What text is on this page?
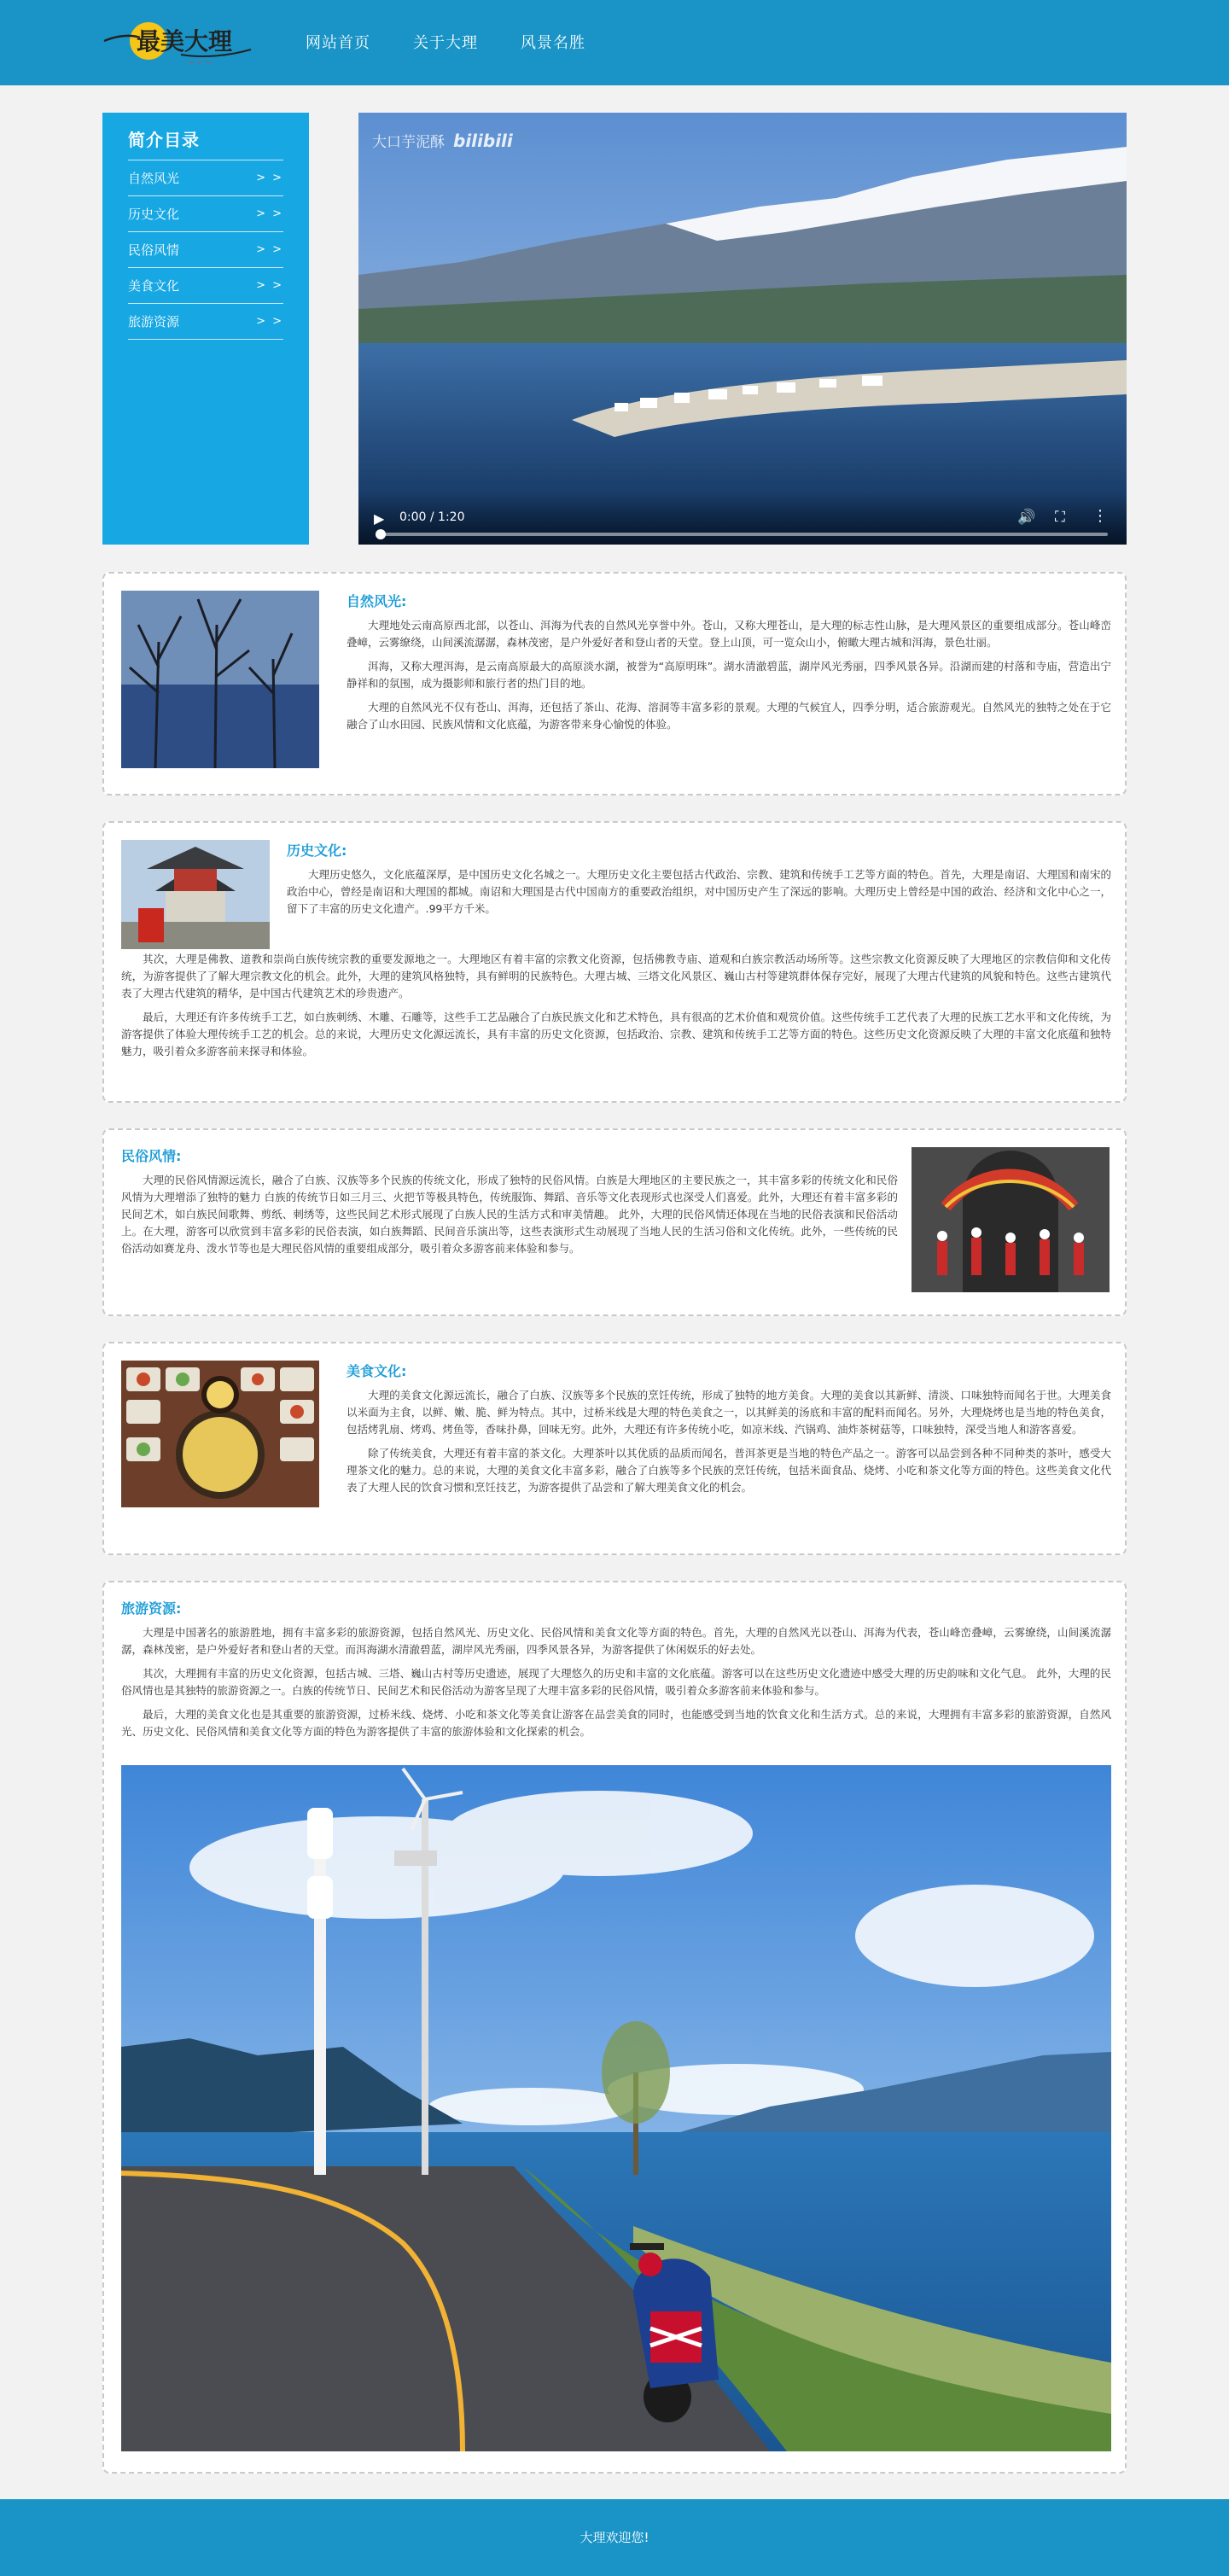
最美大理
~ ~ ~
网站首页	关于大理	风景名胜
简介目录
自然风光	> >
历史文化	> >
民俗风情	> >
美食文化	> >
旅游资源	> >
大口芋泥酥 bilibili
▶ 0:00 / 1:20	🔊 ⛶ ⋮
自然风光:

大理地处云南高原西北部，以苍山、洱海为代表的自然风光享誉中外。苍山，又称大理苍山，是大理的标志性山脉，是大理风景区的重要组成部分。苍山峰峦叠嶂，云雾缭绕，山间溪流潺潺，森林茂密，是户外爱好者和登山者的天堂。登上山顶，可一览众山小，俯瞰大理古城和洱海，景色壮丽。

洱海，又称大理洱海，是云南高原最大的高原淡水湖，被誉为“高原明珠”。湖水清澈碧蓝，湖岸风光秀丽，四季风景各异。沿湖而建的村落和寺庙，营造出宁静祥和的氛围，成为摄影师和旅行者的热门目的地。

大理的自然风光不仅有苍山、洱海，还包括了茶山、花海、溶洞等丰富多彩的景观。大理的气候宜人，四季分明，适合旅游观光。自然风光的独特之处在于它融合了山水田园、民族风情和文化底蕴，为游客带来身心愉悦的体验。

历史文化:

大理历史悠久，文化底蕴深厚，是中国历史文化名城之一。大理历史文化主要包括古代政治、宗教、建筑和传统手工艺等方面的特色。首先，大理是南诏、大理国和南宋的政治中心，曾经是南诏和大理国的都城。南诏和大理国是古代中国南方的重要政治组织，对中国历史产生了深远的影响。大理历史上曾经是中国的政治、经济和文化中心之一，留下了丰富的历史文化遗产。.99平方千米。

其次，大理是佛教、道教和崇尚白族传统宗教的重要发源地之一。大理地区有着丰富的宗教文化资源，包括佛教寺庙、道观和白族宗教活动场所等。这些宗教文化资源反映了大理地区的宗教信仰和文化传统，为游客提供了了解大理宗教文化的机会。此外，大理的建筑风格独特，具有鲜明的民族特色。大理古城、三塔文化风景区、巍山古村等建筑群体保存完好，展现了大理古代建筑的风貌和特色。这些古建筑代表了大理古代建筑的精华，是中国古代建筑艺术的珍贵遗产。

最后，大理还有许多传统手工艺，如白族刺绣、木雕、石雕等，这些手工艺品融合了白族民族文化和艺术特色，具有很高的艺术价值和观赏价值。这些传统手工艺代表了大理的民族工艺水平和文化传统，为游客提供了体验大理传统手工艺的机会。总的来说，大理历史文化源远流长，具有丰富的历史文化资源，包括政治、宗教、建筑和传统手工艺等方面的特色。这些历史文化资源反映了大理的丰富文化底蕴和独特魅力，吸引着众多游客前来探寻和体验。

民俗风情:

大理的民俗风情源远流长，融合了白族、汉族等多个民族的传统文化，形成了独特的民俗风情。白族是大理地区的主要民族之一，其丰富多彩的传统文化和民俗风情为大理增添了独特的魅力 白族的传统节日如三月三、火把节等极具特色，传统服饰、舞蹈、音乐等文化表现形式也深受人们喜爱。此外，大理还有着丰富多彩的民间艺术，如白族民间歌舞、剪纸、刺绣等，这些民间艺术形式展现了白族人民的生活方式和审美情趣。 此外，大理的民俗风情还体现在当地的民俗表演和民俗活动上。在大理，游客可以欣赏到丰富多彩的民俗表演，如白族舞蹈、民间音乐演出等，这些表演形式生动展现了当地人民的生活习俗和文化传统。此外，一些传统的民俗活动如赛龙舟、泼水节等也是大理民俗风情的重要组成部分，吸引着众多游客前来体验和参与。

美食文化:

大理的美食文化源远流长，融合了白族、汉族等多个民族的烹饪传统，形成了独特的地方美食。大理的美食以其新鲜、清淡、口味独特而闻名于世。大理美食以米面为主食，以鲜、嫩、脆、鲜为特点。其中，过桥米线是大理的特色美食之一，以其鲜美的汤底和丰富的配料而闻名。另外，大理烧烤也是当地的特色美食，包括烤乳扇、烤鸡、烤鱼等，香味扑鼻，回味无穷。此外，大理还有许多传统小吃，如凉米线、汽锅鸡、油炸茶树菇等，口味独特，深受当地人和游客喜爱。

除了传统美食，大理还有着丰富的茶文化。大理茶叶以其优质的品质而闻名，普洱茶更是当地的特色产品之一。游客可以品尝到各种不同种类的茶叶，感受大理茶文化的魅力。总的来说，大理的美食文化丰富多彩，融合了白族等多个民族的烹饪传统，包括米面食品、烧烤、小吃和茶文化等方面的特色。这些美食文化代表了大理人民的饮食习惯和烹饪技艺，为游客提供了品尝和了解大理美食文化的机会。

旅游资源:

大理是中国著名的旅游胜地，拥有丰富多彩的旅游资源，包括自然风光、历史文化、民俗风情和美食文化等方面的特色。首先，大理的自然风光以苍山、洱海为代表，苍山峰峦叠嶂，云雾缭绕，山间溪流潺潺，森林茂密，是户外爱好者和登山者的天堂。而洱海湖水清澈碧蓝，湖岸风光秀丽，四季风景各异，为游客提供了休闲娱乐的好去处。

其次，大理拥有丰富的历史文化资源，包括古城、三塔、巍山古村等历史遗迹，展现了大理悠久的历史和丰富的文化底蕴。游客可以在这些历史文化遗迹中感受大理的历史韵味和文化气息。 此外，大理的民俗风情也是其独特的旅游资源之一。白族的传统节日、民间艺术和民俗活动为游客呈现了大理丰富多彩的民俗风情，吸引着众多游客前来体验和参与。

最后，大理的美食文化也是其重要的旅游资源，过桥米线、烧烤、小吃和茶文化等美食让游客在品尝美食的同时，也能感受到当地的饮食文化和生活方式。总的来说，大理拥有丰富多彩的旅游资源，自然风光、历史文化、民俗风情和美食文化等方面的特色为游客提供了丰富的旅游体验和文化探索的机会。

大理欢迎您!
